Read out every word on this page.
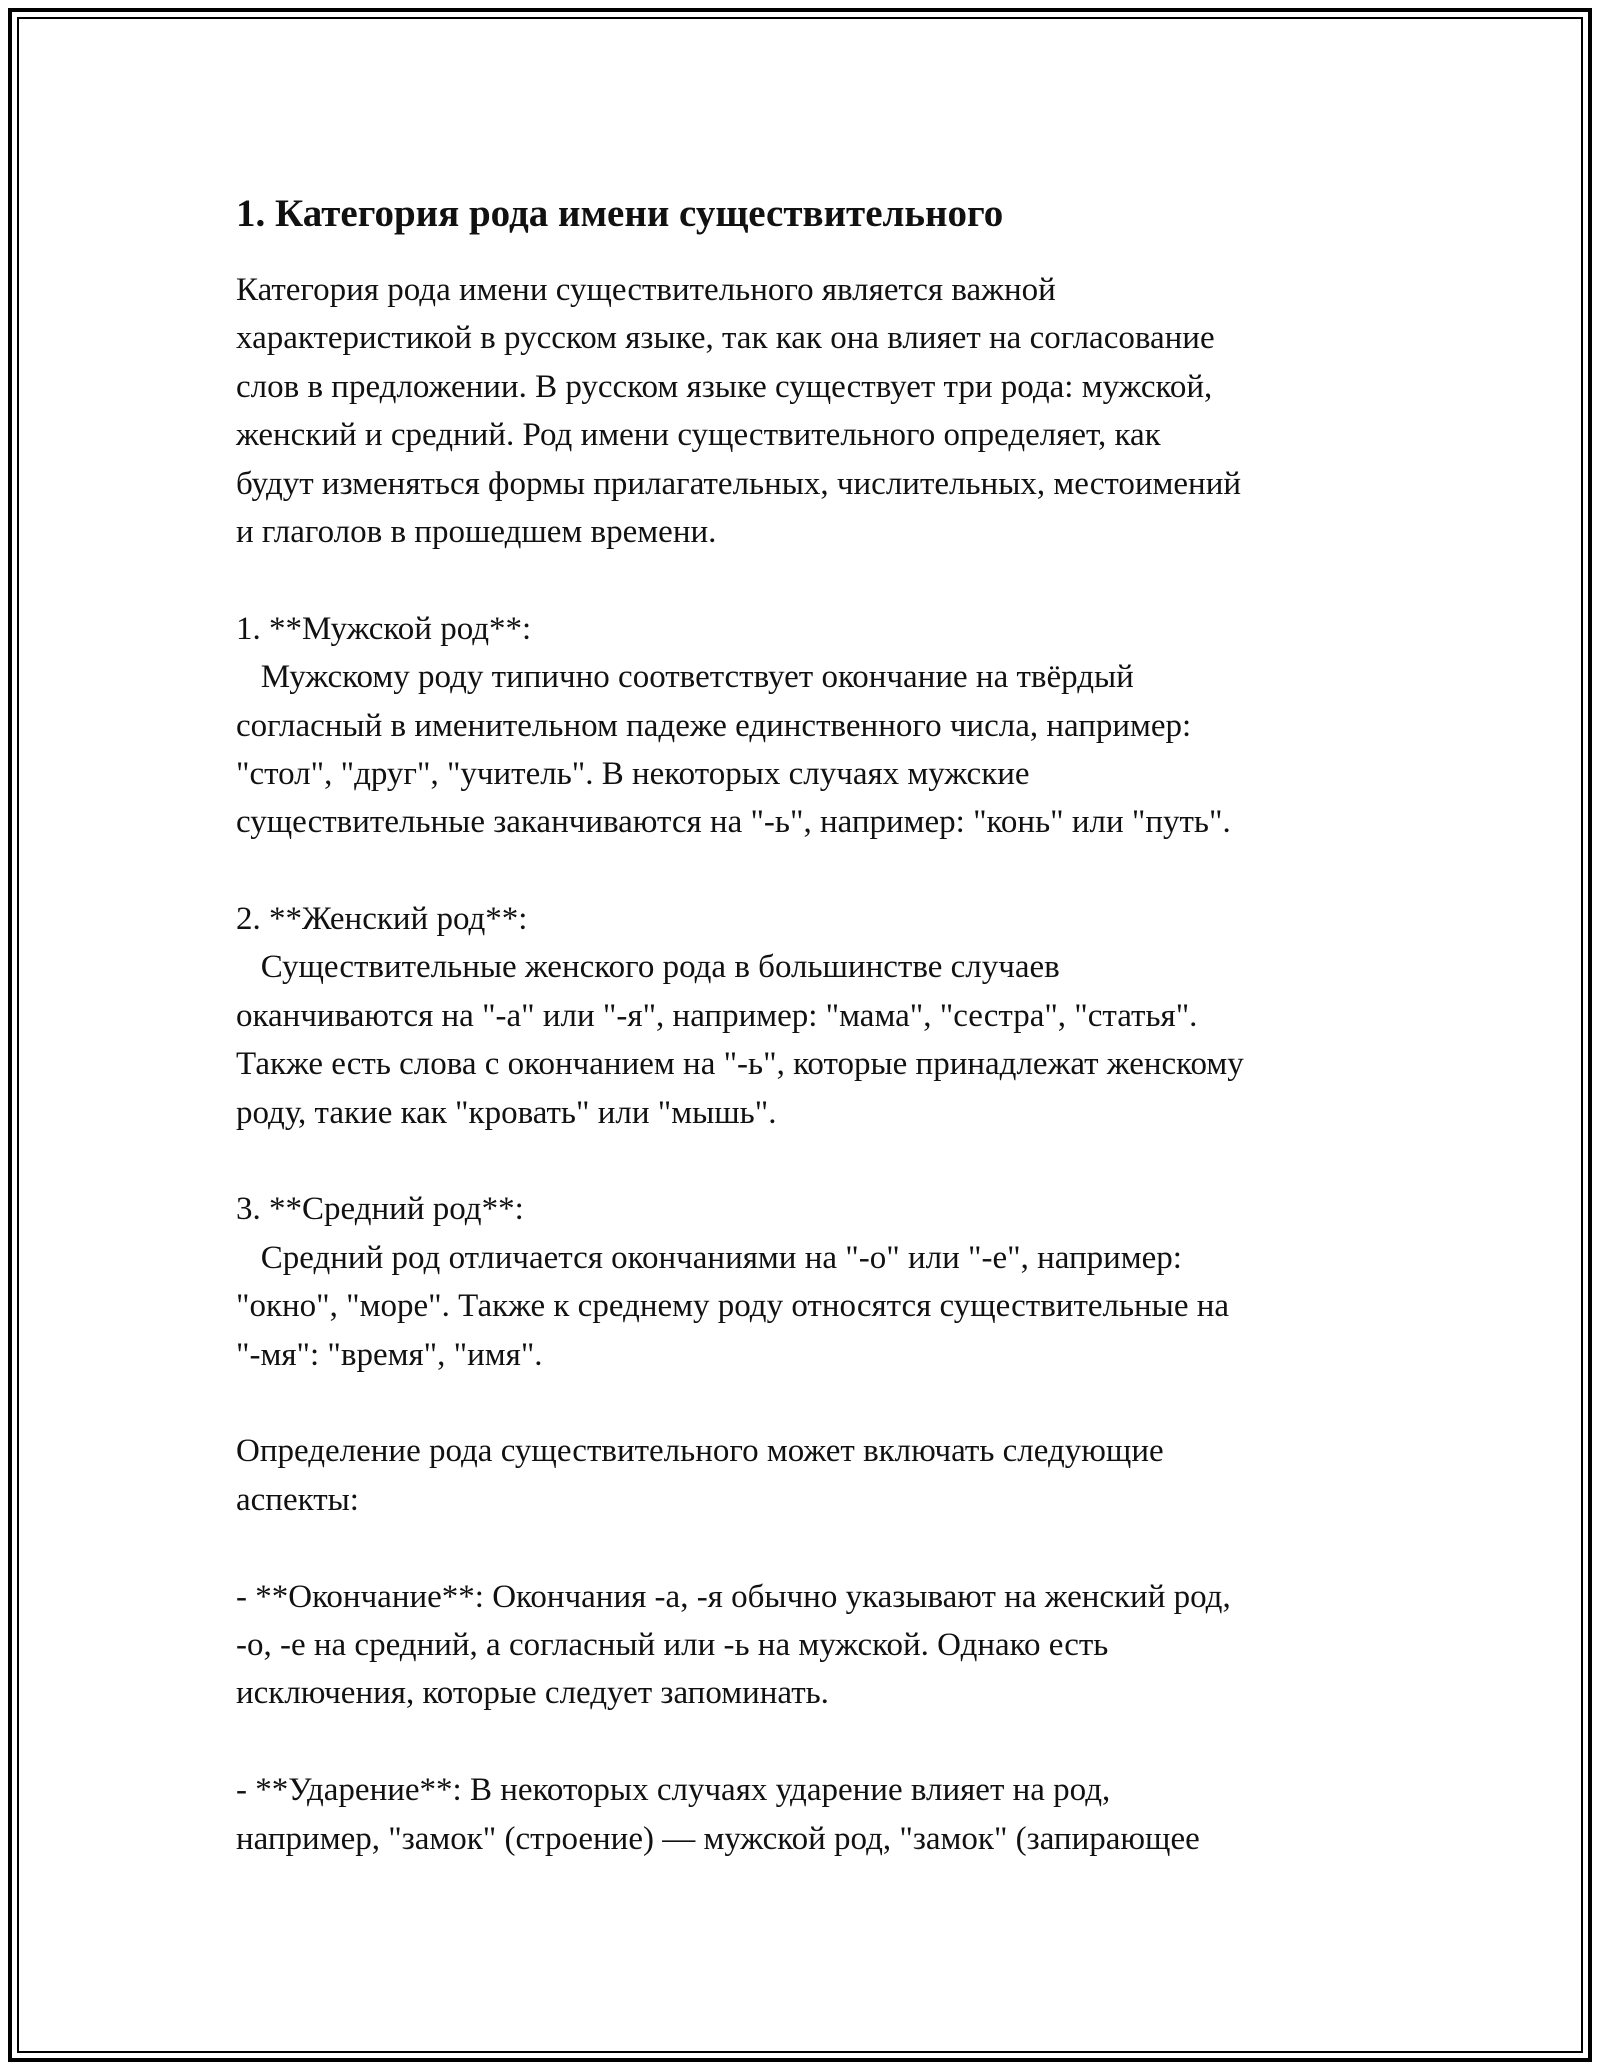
1. Категория рода имени существительного
Категория рода имени существительного является важной
характеристикой в русском языке, так как она влияет на согласование
слов в предложении. В русском языке существует три рода: мужской,
женский и средний. Род имени существительного определяет, как
будут изменяться формы прилагательных, числительных, местоимений
и глаголов в прошедшем времени.
1. **Мужской род**:
Мужскому роду типично соответствует окончание на твёрдый
согласный в именительном падеже единственного числа, например:
"стол", "друг", "учитель". В некоторых случаях мужские
существительные заканчиваются на "-ь", например: "конь" или "путь".
2. **Женский род**:
Существительные женского рода в большинстве случаев
оканчиваются на "-а" или "-я", например: "мама", "сестра", "статья".
Также есть слова с окончанием на "-ь", которые принадлежат женскому
роду, такие как "кровать" или "мышь".
3. **Средний род**:
Средний род отличается окончаниями на "-о" или "-е", например:
"окно", "море". Также к среднему роду относятся существительные на
"-мя": "время", "имя".
Определение рода существительного может включать следующие
аспекты:
- **Окончание**: Окончания -а, -я обычно указывают на женский род,
-о, -е на средний, а согласный или -ь на мужской. Однако есть
исключения, которые следует запоминать.
- **Ударение**: В некоторых случаях ударение влияет на род,
например, "замок" (строение) — мужской род, "замок" (запирающее
